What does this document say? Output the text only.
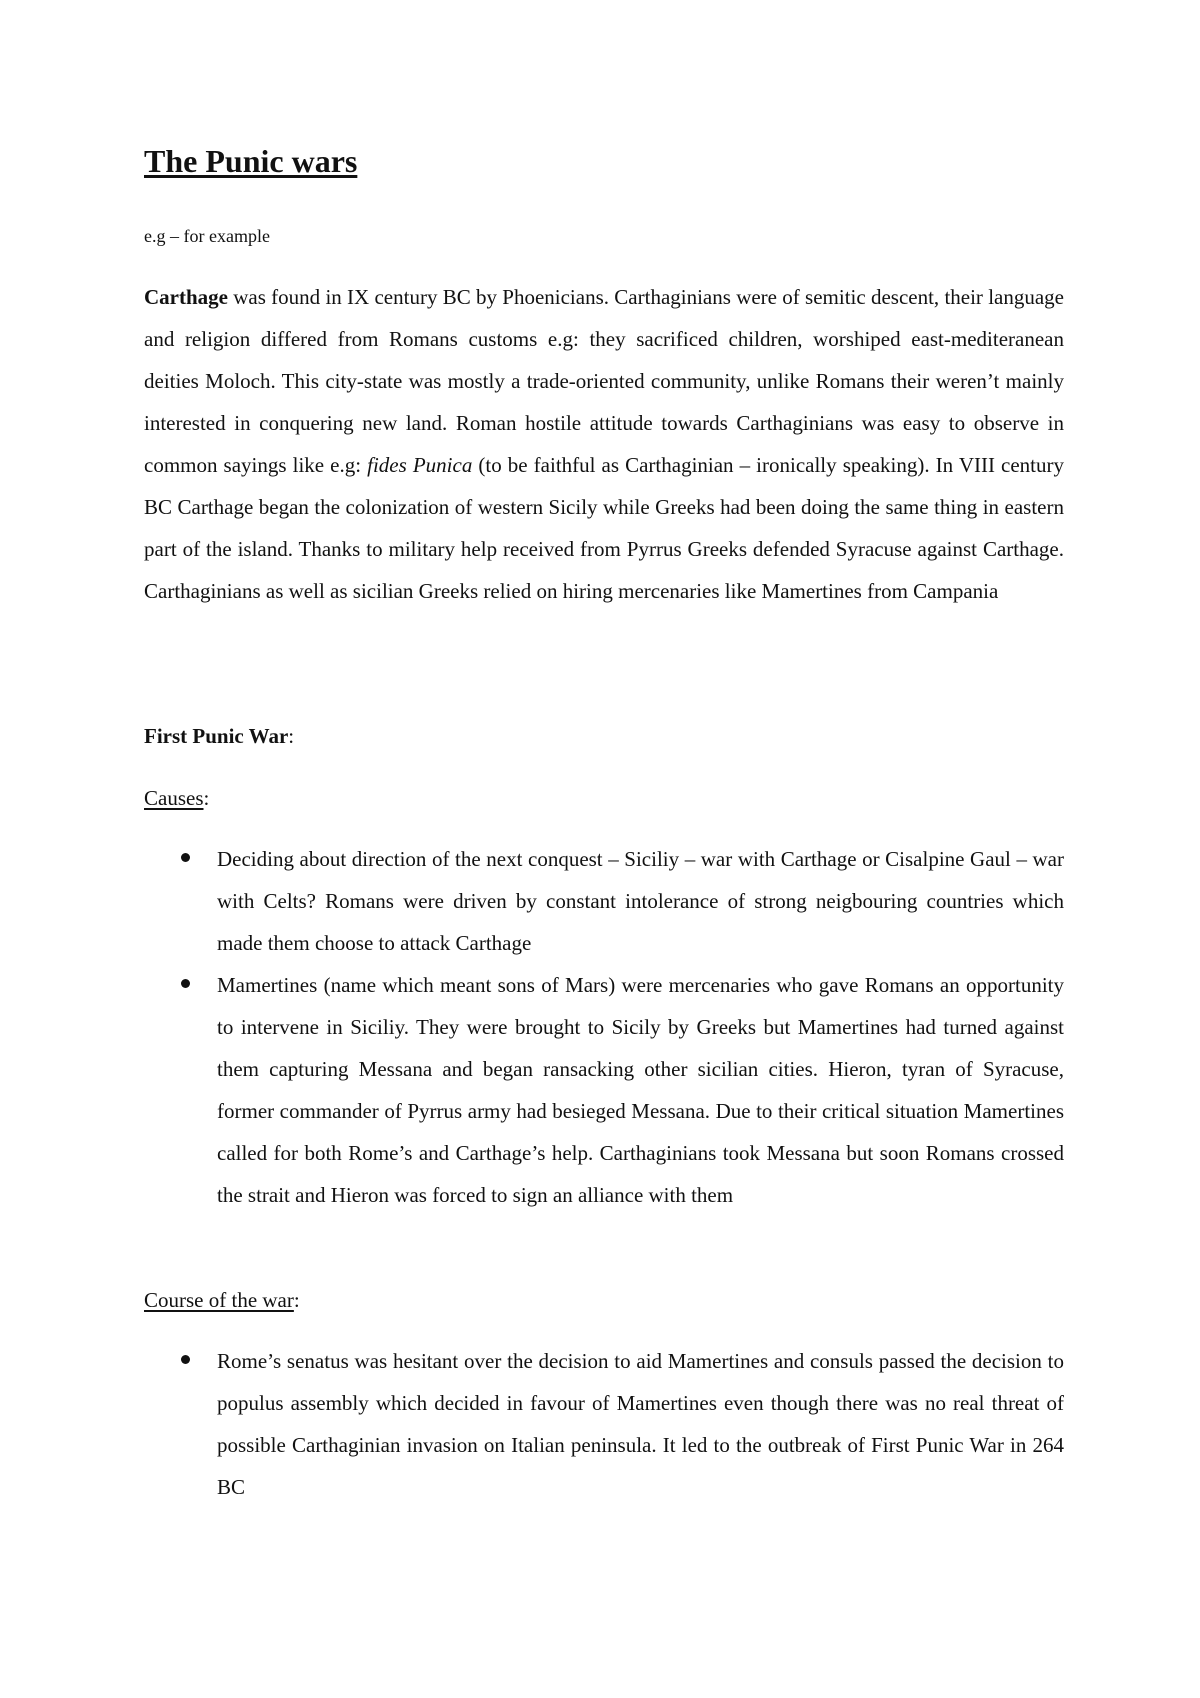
The Punic wars

e.g – for example

Carthage was found in IX century BC by Phoenicians. Carthaginians were of semitic descent, their language and religion differed from Romans customs e.g: they sacrificed children, worshiped east-mediteranean deities Moloch. This city-state was mostly a trade-oriented community, unlike Romans their weren’t mainly interested in conquering new land. Roman hostile attitude towards Carthaginians was easy to observe in common sayings like e.g: fides Punica (to be faithful as Carthaginian – ironically speaking). In VIII century BC Carthage began the colonization of western Sicily while Greeks had been doing the same thing in eastern part of the island. Thanks to military help received from Pyrrus Greeks defended Syracuse against Carthage. Carthaginians as well as sicilian Greeks relied on hiring mercenaries like Mamertines from Campania

First Punic War:

Causes:

Deciding about direction of the next conquest – Siciliy – war with Carthage or Cisalpine Gaul – war with Celts? Romans were driven by constant intolerance of strong neigbouring countries which made them choose to attack Carthage
Mamertines (name which meant sons of Mars) were mercenaries who gave Romans an opportunity to intervene in Siciliy. They were brought to Sicily by Greeks but Mamertines had turned against them capturing Messana and began ransacking other sicilian cities. Hieron, tyran of Syracuse, former commander of Pyrrus army had besieged Messana. Due to their critical situation Mamertines called for both Rome’s and Carthage’s help. Carthaginians took Messana but soon Romans crossed the strait and Hieron was forced to sign an alliance with them

Course of the war:

Rome’s senatus was hesitant over the decision to aid Mamertines and consuls passed the decision to populus assembly which decided in favour of Mamertines even though there was no real threat of possible Carthaginian invasion on Italian peninsula. It led to the outbreak of First Punic War in 264 BC
